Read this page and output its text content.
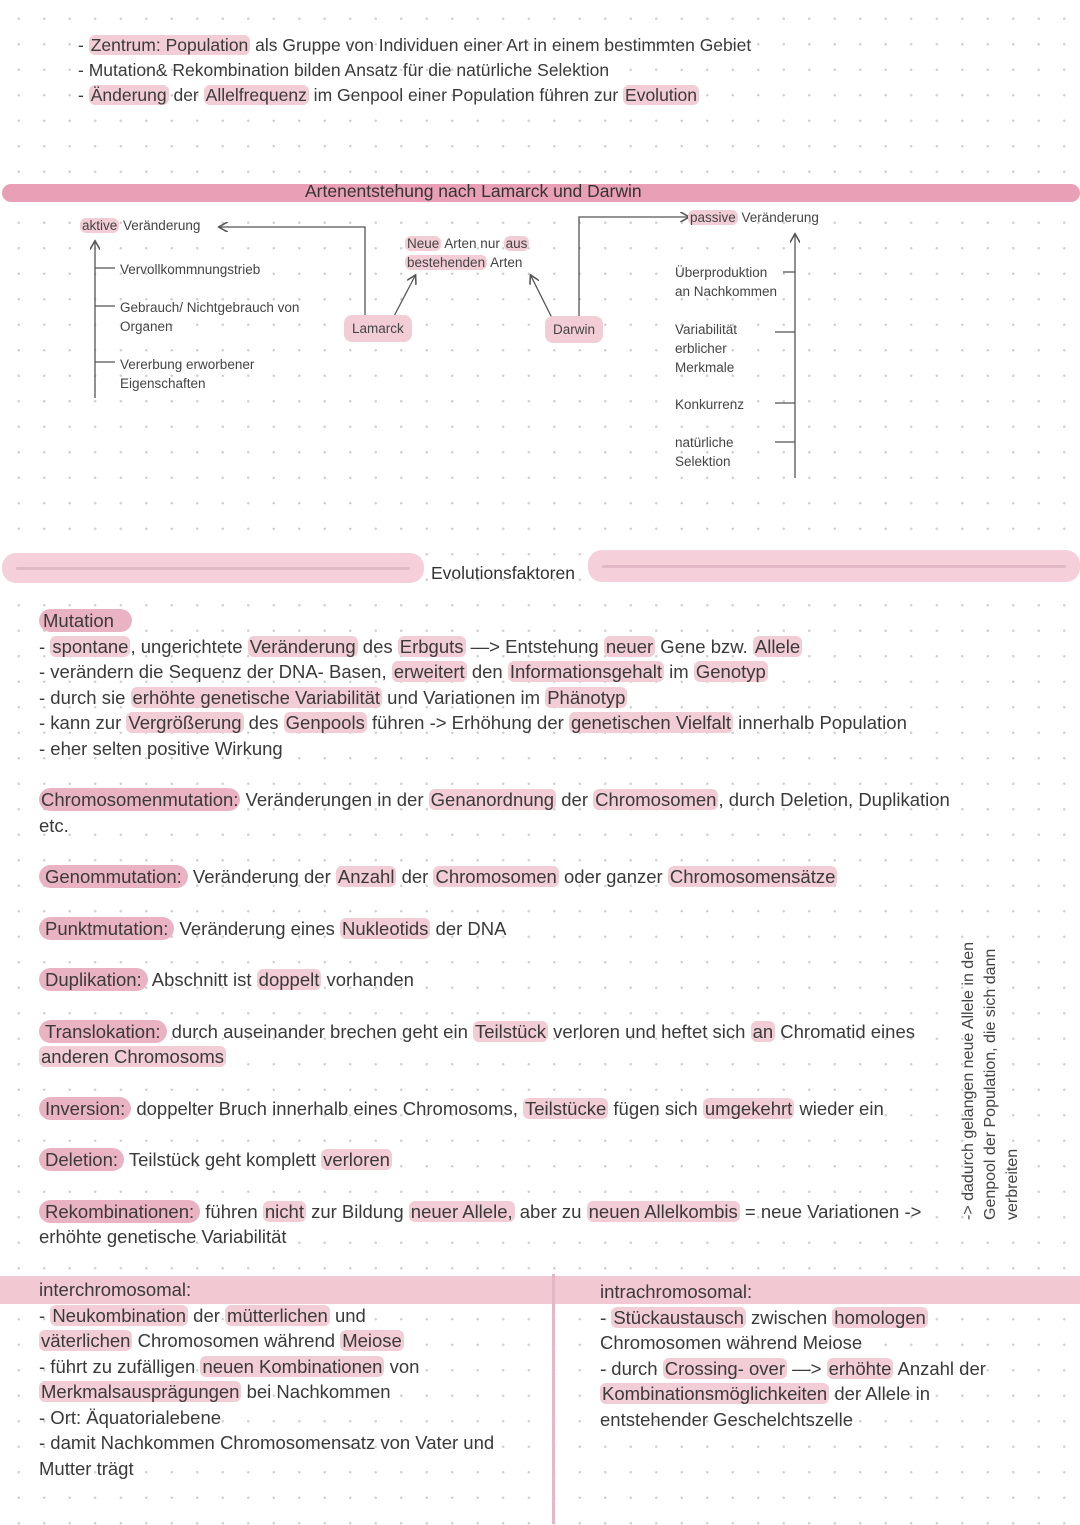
- Zentrum: Population als Gruppe von Individuen einer Art in einem bestimmten Gebiet
- Mutation& Rekombination bilden Ansatz für die natürliche Selektion
- Änderung der Allelfrequenz im Genpool einer Population führen zur Evolution
Artenentstehung nach Lamarck und Darwin
aktive Veränderung
Vervollkommnungstrieb
Gebrauch/ Nichtgebrauch von Organen
Vererbung erworbener Eigenschaften
Neue Arten nur aus
bestehenden Arten
Lamarck	Darwin
passive Veränderung
Überproduktion an Nachkommen
Variabilität erblicher Merkmale
Konkurrenz
natürliche Selektion
Evolutionsfaktoren

Mutation

- spontane , ungerichtete Veränderung des Erbguts —> Entstehung neuer Gene bzw. Allele

- verändern die Sequenz der DNA- Basen, erweitert den Informationsgehalt im Genotyp

- durch sie erhöhte genetische Variabilität und Variationen im Phänotyp

- kann zur Vergrößerung des Genpools führen -> Erhöhung der genetischen Vielfalt innerhalb Population

- eher selten positive Wirkung

Chromosomenmutation: Veränderungen in der Genanordnung der Chromosomen , durch Deletion, Duplikation

etc.

Genommutation: Veränderung der Anzahl der Chromosomen oder ganzer Chromosomensätze

Punktmutation: Veränderung eines Nukleotids der DNA

Duplikation: Abschnitt ist doppelt vorhanden

Translokation: durch auseinander brechen geht ein Teilstück verloren und heftet sich an Chromatid eines

anderen Chromosoms

Inversion: doppelter Bruch innerhalb eines Chromosoms, Teilstücke fügen sich umgekehrt wieder ein

Deletion: Teilstück geht komplett verloren

Rekombinationen: führen nicht zur Bildung neuer Allele, aber zu neuen Allelkombis = neue Variationen ->

erhöhte genetische Variabilität

-> dadurch gelangen neue Allele in den Genpool der Population, die sich dann verbreiten

interchromosomal:

- Neukombination der mütterlichen und

väterlichen Chromosomen während Meiose

- führt zu zufälligen neuen Kombinationen von

Merkmalsausprägungen bei Nachkommen

- Ort: Äquatorialebene

- damit Nachkommen Chromosomensatz von Vater und

Mutter trägt

intrachromosomal:

- Stückaustausch zwischen homologen

Chromosomen während Meiose

- durch Crossing- over —> erhöhte Anzahl der

Kombinationsmöglichkeiten der Allele in

entstehender Geschelchtszelle
